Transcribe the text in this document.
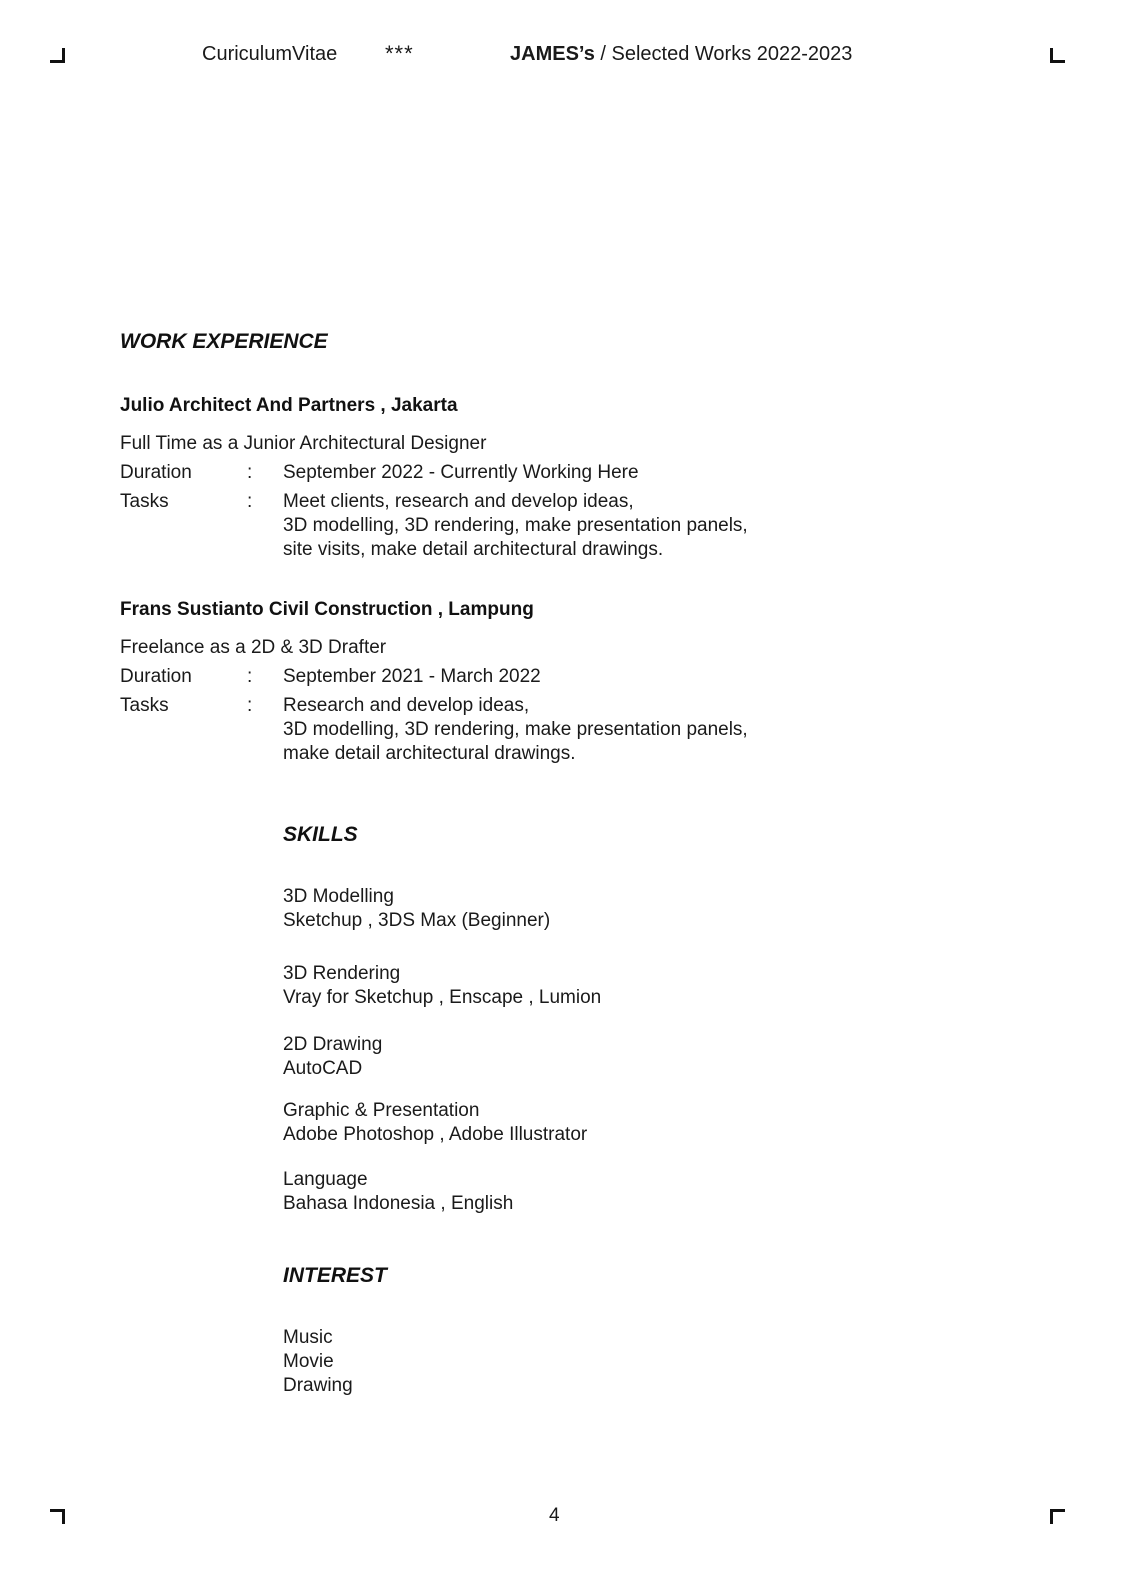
CuriculumVitae ***	JAMES’s / Selected Works 2022-2023
WORK EXPERIENCE
Julio Architect And Partners , Jakarta
Full Time as a Junior Architectural Designer
Duration	: September 2022 - Currently Working Here
Tasks	: Meet clients, research and develop ideas,
3D modelling, 3D rendering, make presentation panels,
site visits, make detail architectural drawings.
Frans Sustianto Civil Construction , Lampung
Freelance as a 2D & 3D Drafter
Duration	: September 2021 - March 2022
Tasks	: Research and develop ideas,
3D modelling, 3D rendering, make presentation panels,
make detail architectural drawings.
SKILLS
3D Modelling
Sketchup , 3DS Max (Beginner)
3D Rendering
Vray for Sketchup , Enscape , Lumion
2D Drawing
AutoCAD
Graphic & Presentation
Adobe Photoshop , Adobe Illustrator
Language
Bahasa Indonesia , English
INTEREST
Music
Movie
Drawing
4
